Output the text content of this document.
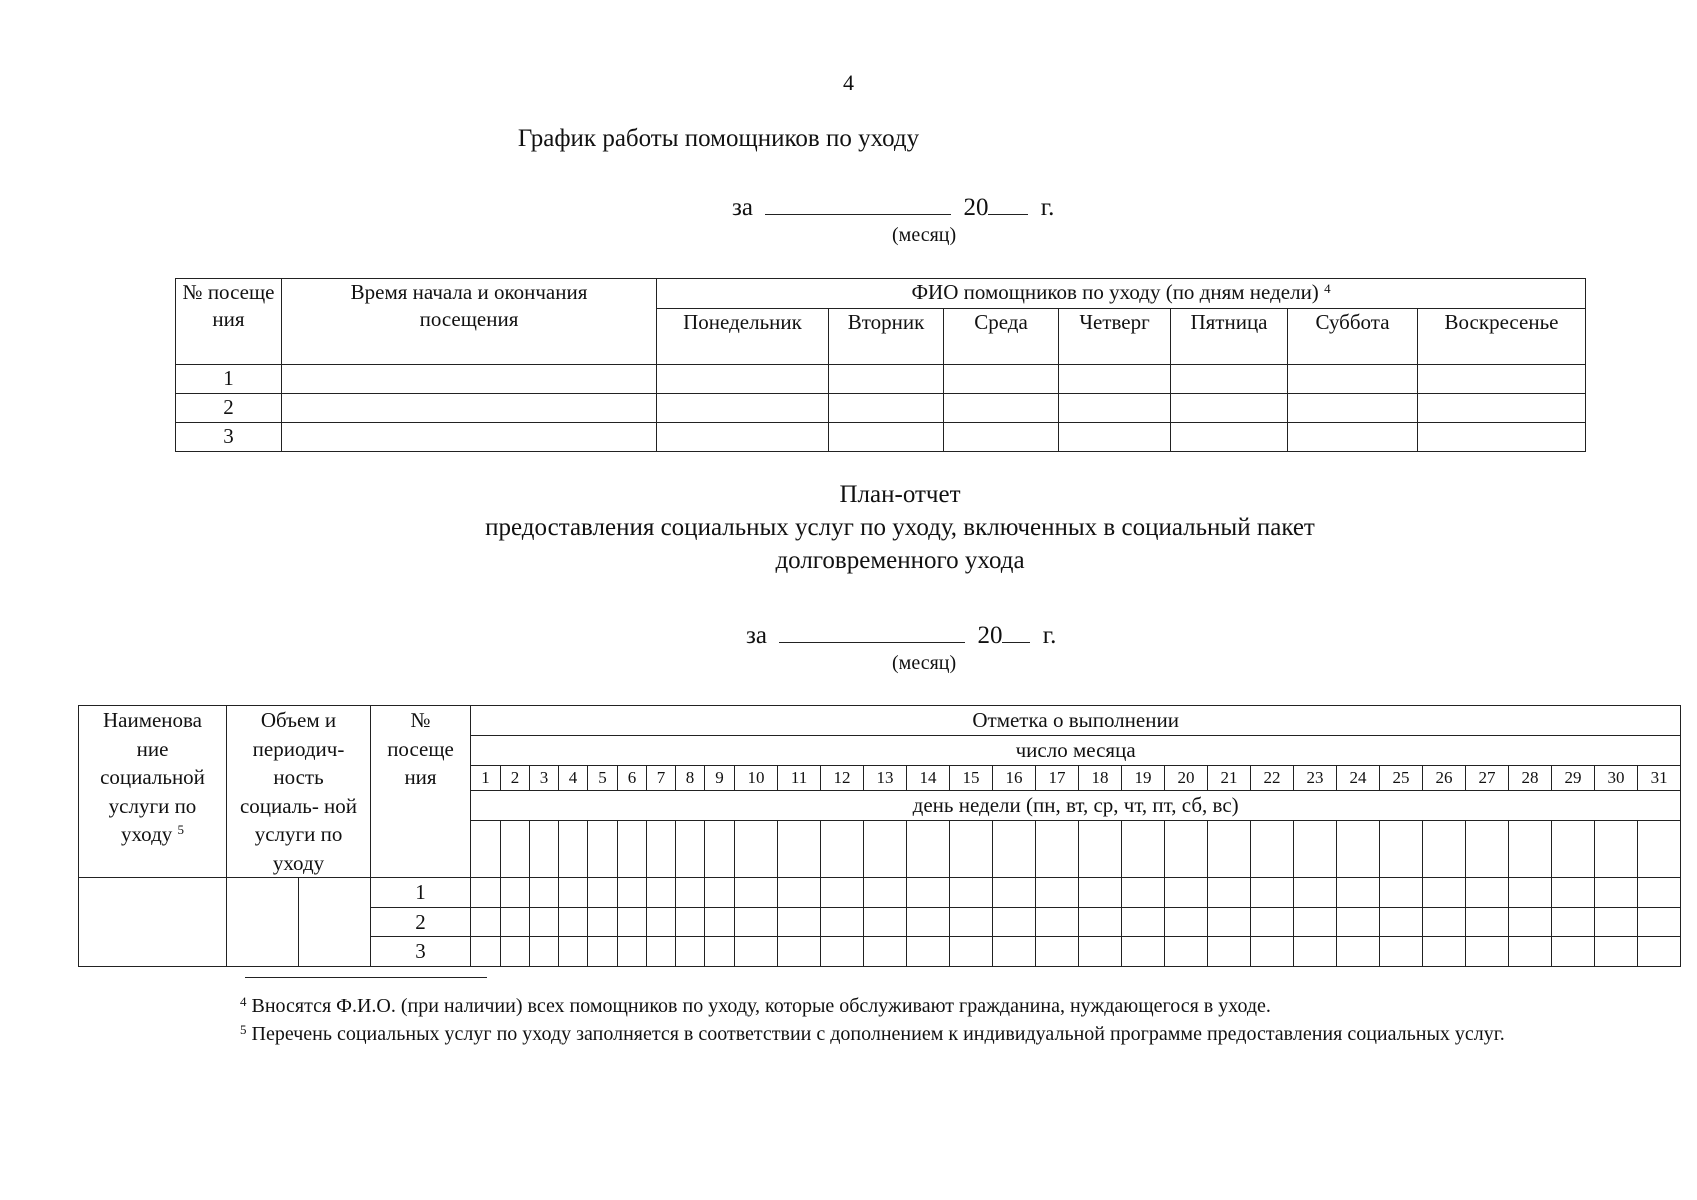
4
График работы помощников по уходу
за	20 г.
(месяц)
№ посеще ния	Время начала и окончания посещения	ФИО помощников по уходу (по дням недели) $^4$
		Понедельник	Вторник	Среда	Четверг	Пятница	Суббота	Воскресенье
1								
2								
3								
План-отчет
предоставления социальных услуг по уходу, включенных в социальный пакет
долговременного ухода
за	20 г.
(месяц)
Наименова ние социальной услуги по уходу $^5$	Объем и периодич- ность социаль- ной услуги по уходу		№ посеще ния	Отметка о выполнении																														
				число месяца																														
				1	2	3	4	5	6	7	8	9	10	11	12	13	14	15	16	17	18	19	20	21	22	23	24	25	26	27	28	29	30	31
				день недели (пн, вт, ср, чт, пт, сб, вс)																														

			1																															
			2																															
			3																															
$^4$ Вносятся Ф.И.О. (при наличии) всех помощников по уходу, которые обслуживают гражданина, нуждающегося в уходе.
$^5$ Перечень социальных услуг по уходу заполняется в соответствии с дополнением к индивидуальной программе предоставления социальных услуг.
